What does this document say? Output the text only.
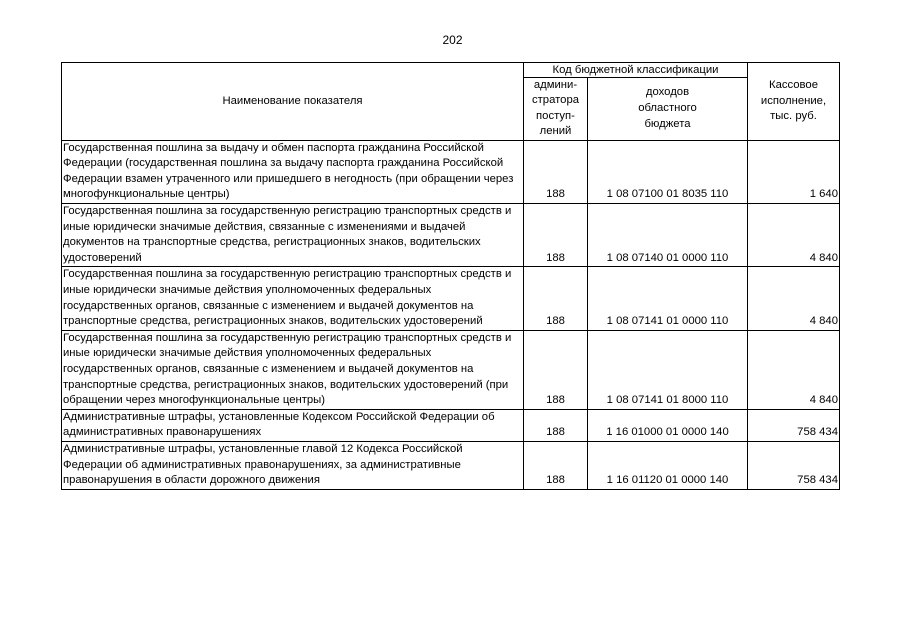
202
Наименование показателя	Код бюджетной классификации		Кассовое исполнение, тыс. руб.
	админи-стратора поступ-лений	доходов областного бюджета	
Государственная пошлина за выдачу и обмен паспорта гражданина Российской Федерации (государственная пошлина за выдачу паспорта гражданина Российской Федерации взамен утраченного или пришедшего в негодность (при обращении через многофункциональные центры)	188	1 08 07100 01 8035 110	1 640
Государственная пошлина за государственную регистрацию транспортных средств и иные юридически значимые действия, связанные с изменениями и выдачей документов на транспортные средства, регистрационных знаков, водительских удостоверений	188	1 08 07140 01 0000 110	4 840
Государственная пошлина за государственную регистрацию транспортных средств и иные юридически значимые действия уполномоченных федеральных государственных органов, связанные с изменением и выдачей документов на транспортные средства, регистрационных знаков, водительских удостоверений	188	1 08 07141 01 0000 110	4 840
Государственная пошлина за государственную регистрацию транспортных средств и иные юридически значимые действия уполномоченных федеральных государственных органов, связанные с изменением и выдачей документов на транспортные средства, регистрационных знаков, водительских удостоверений (при обращении через многофункциональные центры)	188	1 08 07141 01 8000 110	4 840
Административные штрафы, установленные Кодексом Российской Федерации об административных правонарушениях	188	1 16 01000 01 0000 140	758 434
Административные штрафы, установленные главой 12 Кодекса Российской Федерации об административных правонарушениях, за административные правонарушения в области дорожного движения	188	1 16 01120 01 0000 140	758 434
